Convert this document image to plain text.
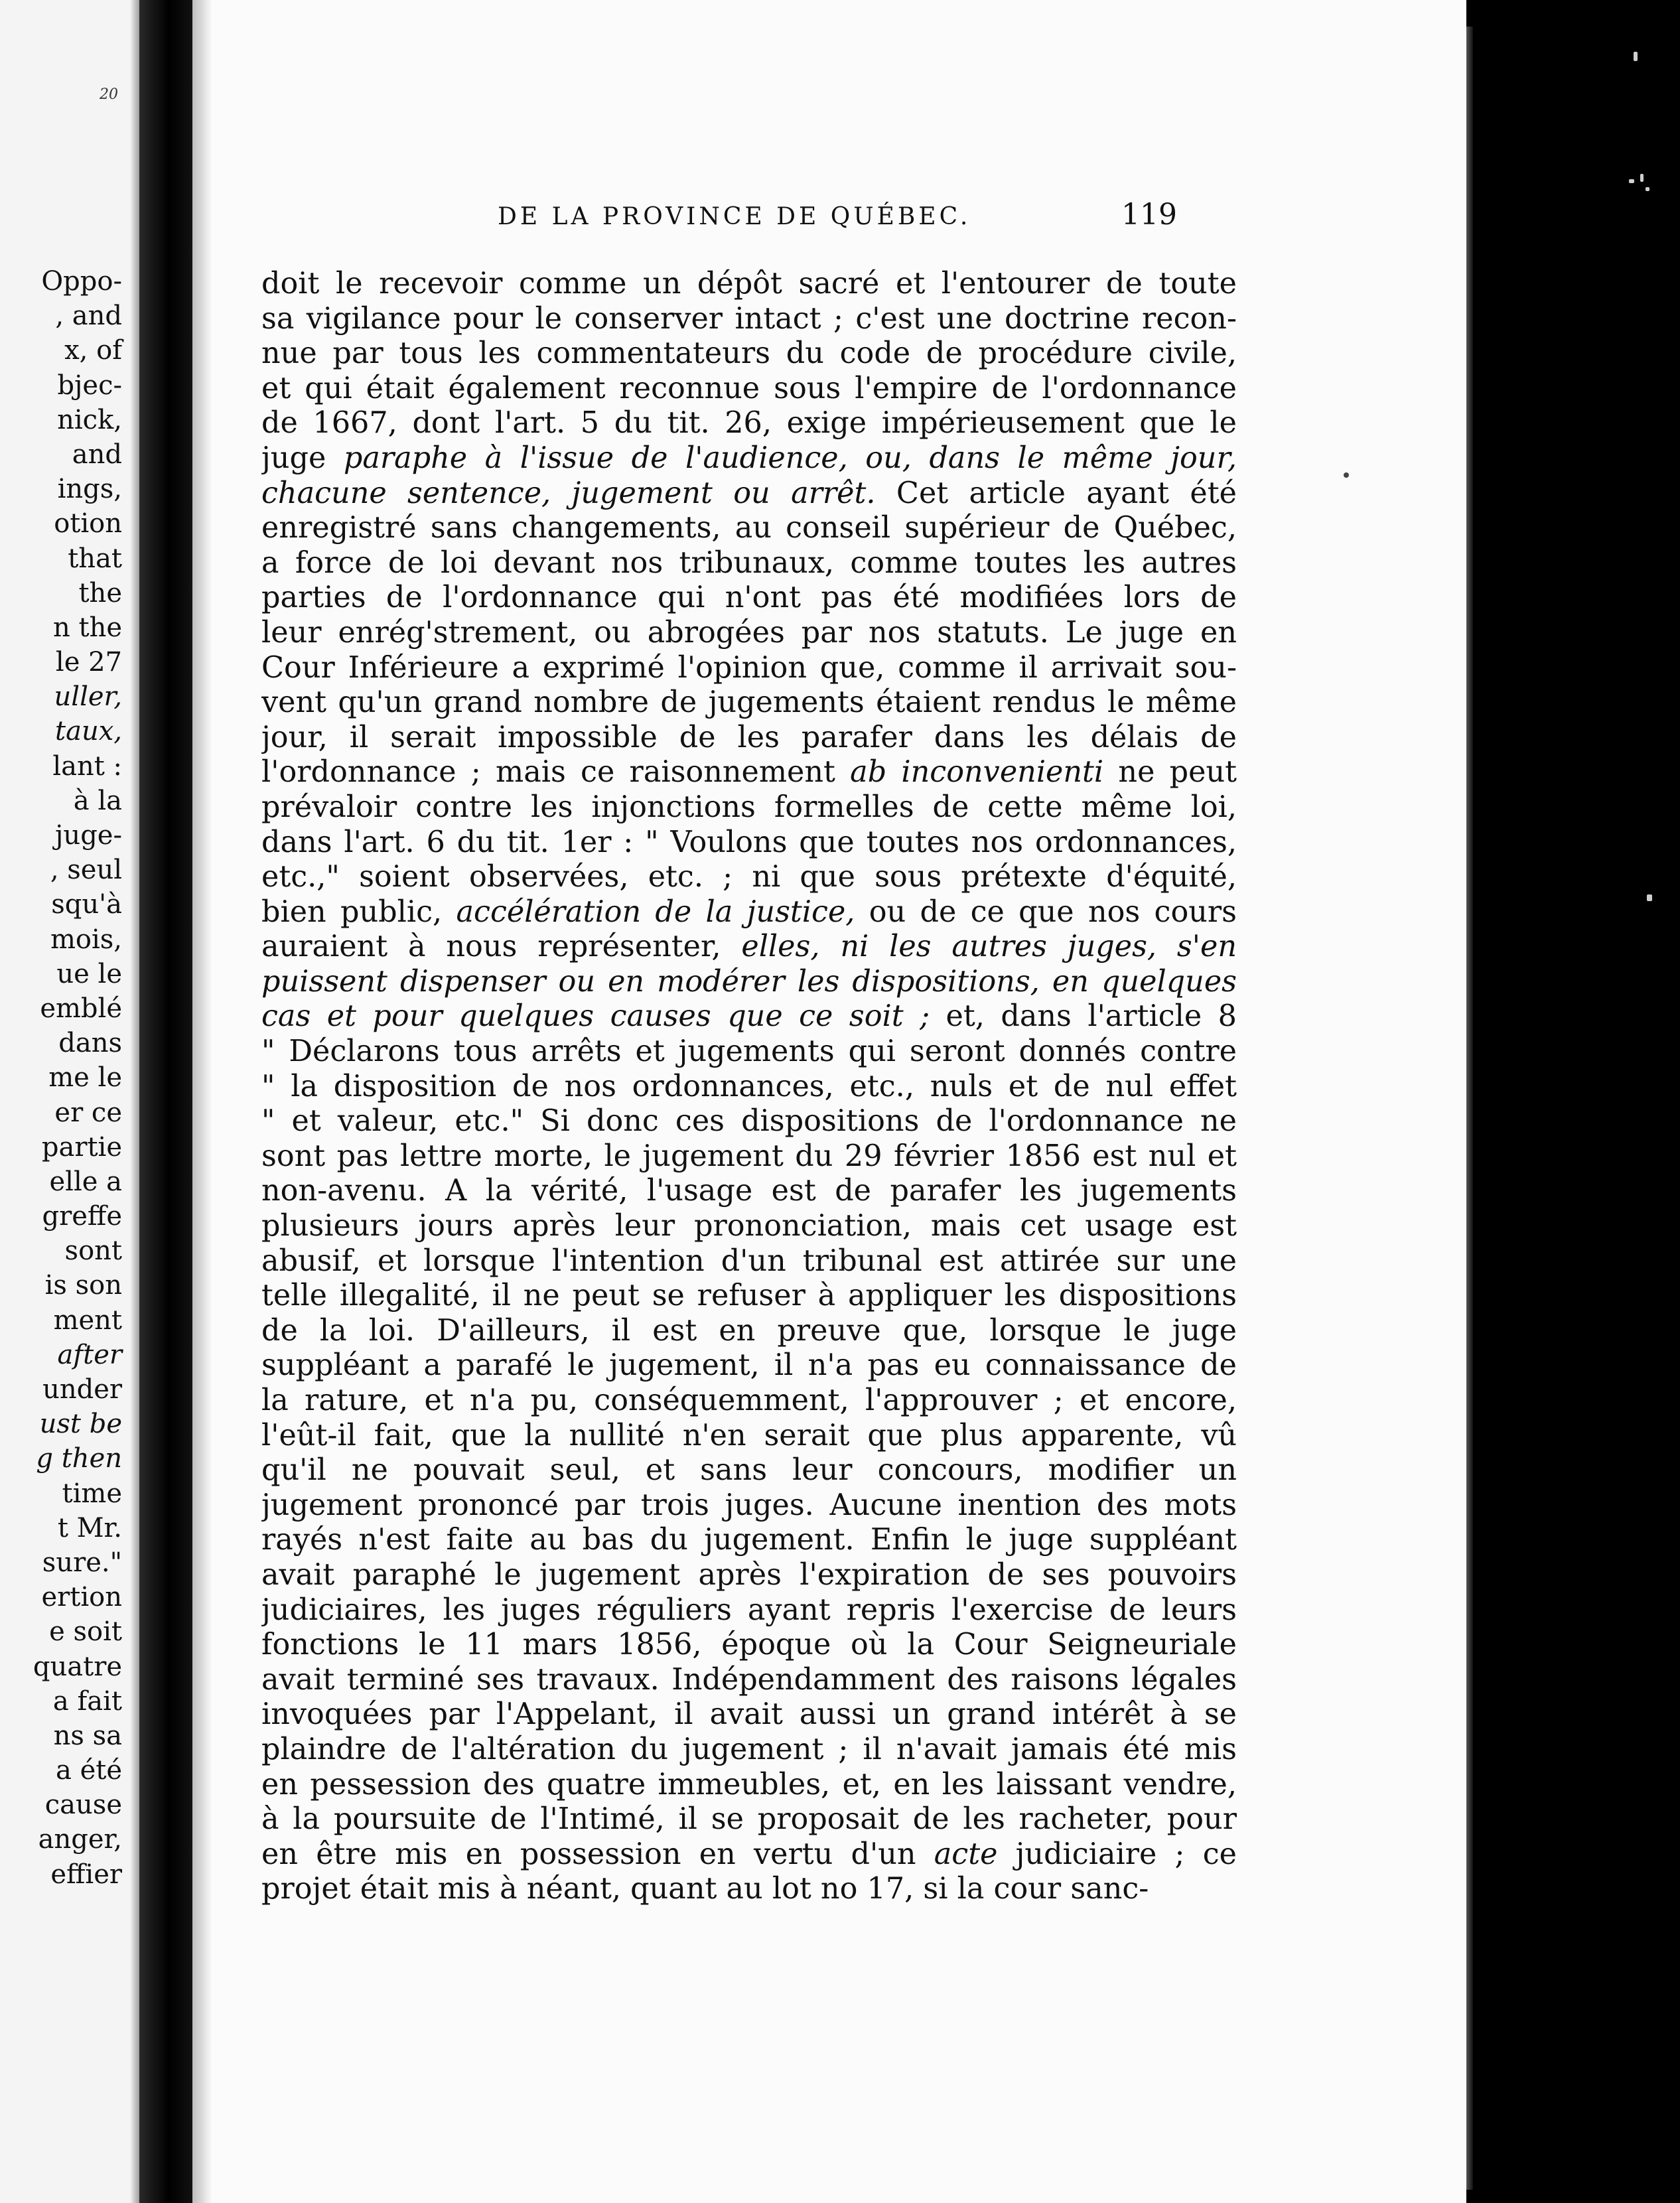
20
Oppo-
, and
x, of
bjec-
nick,
and
ings,
otion
that
the
n the
le 27
uller,
taux,
lant :
à la
juge-
, seul
squ'à
mois,
ue le
emblé
dans
me le
er ce
partie
elle a
greffe
sont
is son
ment
after
under
ust be
g then
time
t Mr.
sure."
ertion
e soit
quatre
a fait
ns sa
a été
cause
anger,
effier
DE LA PROVINCE DE QUÉBEC.	119
doit le recevoir comme un dépôt sacré et l'entourer de toute
sa vigilance pour le conserver intact ; c'est une doctrine recon-
nue par tous les commentateurs du code de procédure civile,
et qui était également reconnue sous l'empire de l'ordonnance
de 1667, dont l'art. 5 du tit. 26, exige impérieusement que le
juge paraphe à l'issue de l'audience, ou, dans le même jour,
chacune sentence, jugement ou arrêt. Cet article ayant été
enregistré sans changements, au conseil supérieur de Québec,
a force de loi devant nos tribunaux, comme toutes les autres
parties de l'ordonnance qui n'ont pas été modifiées lors de
leur enrég'strement, ou abrogées par nos statuts. Le juge en
Cour Inférieure a exprimé l'opinion que, comme il arrivait sou-
vent qu'un grand nombre de jugements étaient rendus le même
jour, il serait impossible de les parafer dans les délais de
l'ordonnance ; mais ce raisonnement ab inconvenienti ne peut
prévaloir contre les injonctions formelles de cette même loi,
dans l'art. 6 du tit. 1er : " Voulons que toutes nos ordonnances,
etc.," soient observées, etc. ; ni que sous prétexte d'équité,
bien public, accélération de la justice, ou de ce que nos cours
auraient à nous représenter, elles, ni les autres juges, s'en
puissent dispenser ou en modérer les dispositions, en quelques
cas et pour quelques causes que ce soit ; et, dans l'article 8
" Déclarons tous arrêts et jugements qui seront donnés contre
" la disposition de nos ordonnances, etc., nuls et de nul effet
" et valeur, etc." Si donc ces dispositions de l'ordonnance ne
sont pas lettre morte, le jugement du 29 février 1856 est nul et
non-avenu. A la vérité, l'usage est de parafer les jugements
plusieurs jours après leur prononciation, mais cet usage est
abusif, et lorsque l'intention d'un tribunal est attirée sur une
telle illegalité, il ne peut se refuser à appliquer les dispositions
de la loi. D'ailleurs, il est en preuve que, lorsque le juge
suppléant a parafé le jugement, il n'a pas eu connaissance de
la rature, et n'a pu, conséquemment, l'approuver ; et encore,
l'eût-il fait, que la nullité n'en serait que plus apparente, vû
qu'il ne pouvait seul, et sans leur concours, modifier un
jugement prononcé par trois juges. Aucune inention des mots
rayés n'est faite au bas du jugement. Enfin le juge suppléant
avait paraphé le jugement après l'expiration de ses pouvoirs
judiciaires, les juges réguliers ayant repris l'exercise de leurs
fonctions le 11 mars 1856, époque où la Cour Seigneuriale
avait terminé ses travaux. Indépendamment des raisons légales
invoquées par l'Appelant, il avait aussi un grand intérêt à se
plaindre de l'altération du jugement ; il n'avait jamais été mis
en pessession des quatre immeubles, et, en les laissant vendre,
à la poursuite de l'Intimé, il se proposait de les racheter, pour
en être mis en possession en vertu d'un acte judiciaire ; ce
projet était mis à néant, quant au lot no 17, si la cour sanc-
